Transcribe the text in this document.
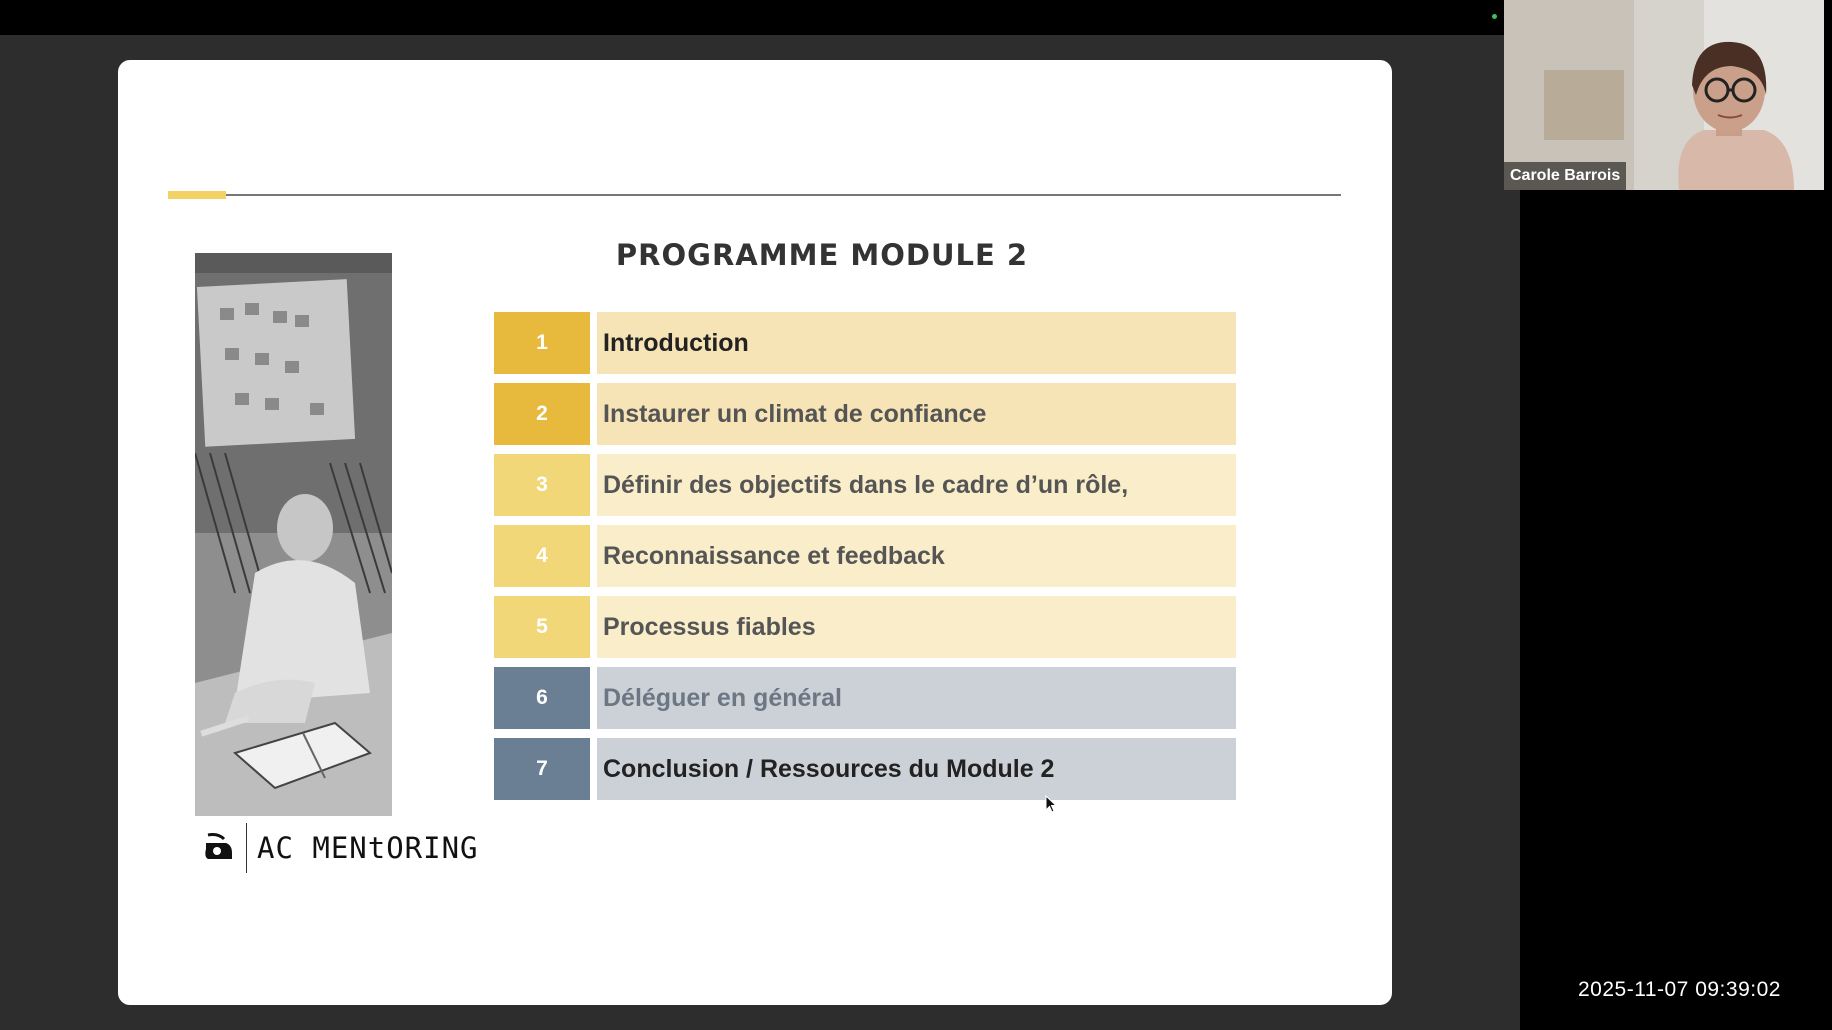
PROGRAMME MODULE 2
AC MENtORING
1	Introduction
2	Instaurer un climat de confiance
3	Définir des objectifs dans le cadre d’un rôle,
4	Reconnaissance et feedback
5	Processus fiables
6	Déléguer en général
7	Conclusion / Ressources du Module 2
Carole Barrois
2025-11-07 09:39:02
